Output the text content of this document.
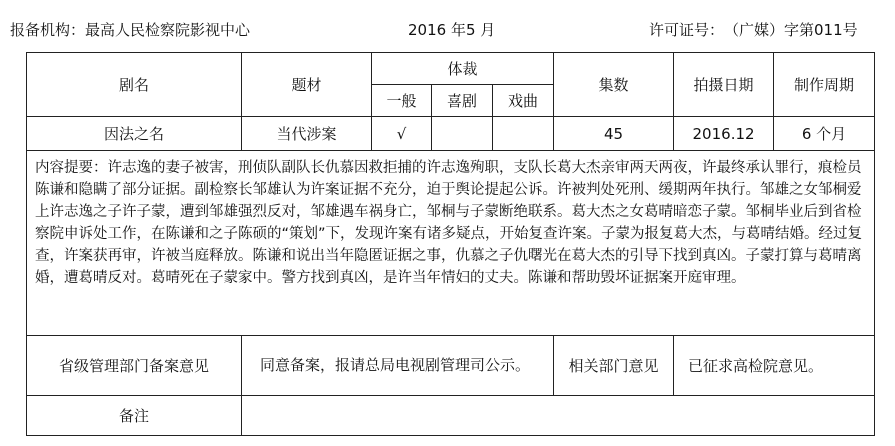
报备机构：最高人民检察院影视中心	2016 年5 月	许可证号：　（广媒）字第011号
剧名	题材	体裁			集数	拍摄日期	制作周期
		一般	喜剧	戏曲			
因法之名	当代涉案	√			45	2016.12	6 个月
内容提要：许志逸的妻子被害，刑侦队副队长仇慕因救拒捕的许志逸殉职，支队长葛大杰亲审两天两夜，许最终承认罪行，痕检员陈谦和隐瞒了部分证据。副检察长邹雄认为许案证据不充分，迫于舆论提起公诉。许被判处死刑、缓期两年执行。邹雄之女邹桐爱上许志逸之子许子蒙，遭到邹雄强烈反对，邹雄遇车祸身亡，邹桐与子蒙断绝联系。葛大杰之女葛晴暗恋子蒙。邹桐毕业后到省检察院申诉处工作，在陈谦和之子陈硕的“策划”下，发现许案有诸多疑点，开始复查许案。子蒙为报复葛大杰，与葛晴结婚。经过复查，许案获再审，许被当庭释放。陈谦和说出当年隐匿证据之事，仇慕之子仇曙光在葛大杰的引导下找到真凶。子蒙打算与葛晴离婚，遭葛晴反对。葛晴死在子蒙家中。警方找到真凶，是许当年情妇的丈夫。陈谦和帮助毁坏证据案开庭审理。							
省级管理部门备案意见	同意备案，报请总局电视剧管理司公示。				相关部门意见	已征求高检院意见。	
备注							
